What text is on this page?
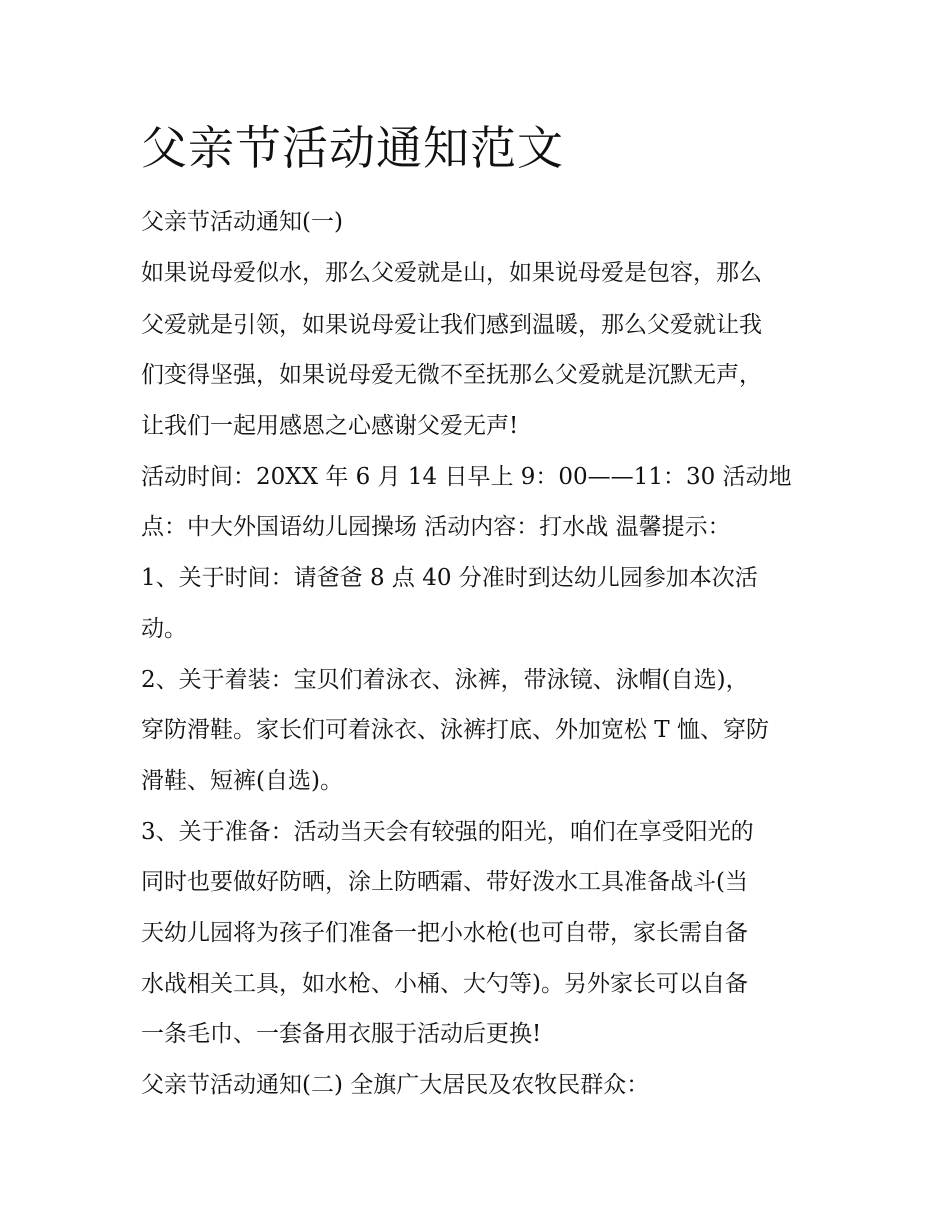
父亲节活动通知范文

父亲节活动通知(一)

如果说母爱似水，那么父爱就是山，如果说母爱是包容，那么

父爱就是引领，如果说母爱让我们感到温暖，那么父爱就让我

们变得坚强，如果说母爱无微不至抚那么父爱就是沉默无声，

让我们一起用感恩之心感谢父爱无声!

活动时间：20XX 年 6 月 14 日早上 9：00——11：30 活动地

点：中大外国语幼儿园操场 活动内容：打水战 温馨提示：

1、关于时间：请爸爸 8 点 40 分准时到达幼儿园参加本次活

动。

2、关于着装：宝贝们着泳衣、泳裤，带泳镜、泳帽(自选)，

穿防滑鞋。家长们可着泳衣、泳裤打底、外加宽松 T 恤、穿防

滑鞋、短裤(自选)。

3、关于准备：活动当天会有较强的阳光，咱们在享受阳光的

同时也要做好防晒，涂上防晒霜、带好泼水工具准备战斗(当

天幼儿园将为孩子们准备一把小水枪(也可自带，家长需自备

水战相关工具，如水枪、小桶、大勺等)。另外家长可以自备

一条毛巾、一套备用衣服于活动后更换!

父亲节活动通知(二) 全旗广大居民及农牧民群众：
